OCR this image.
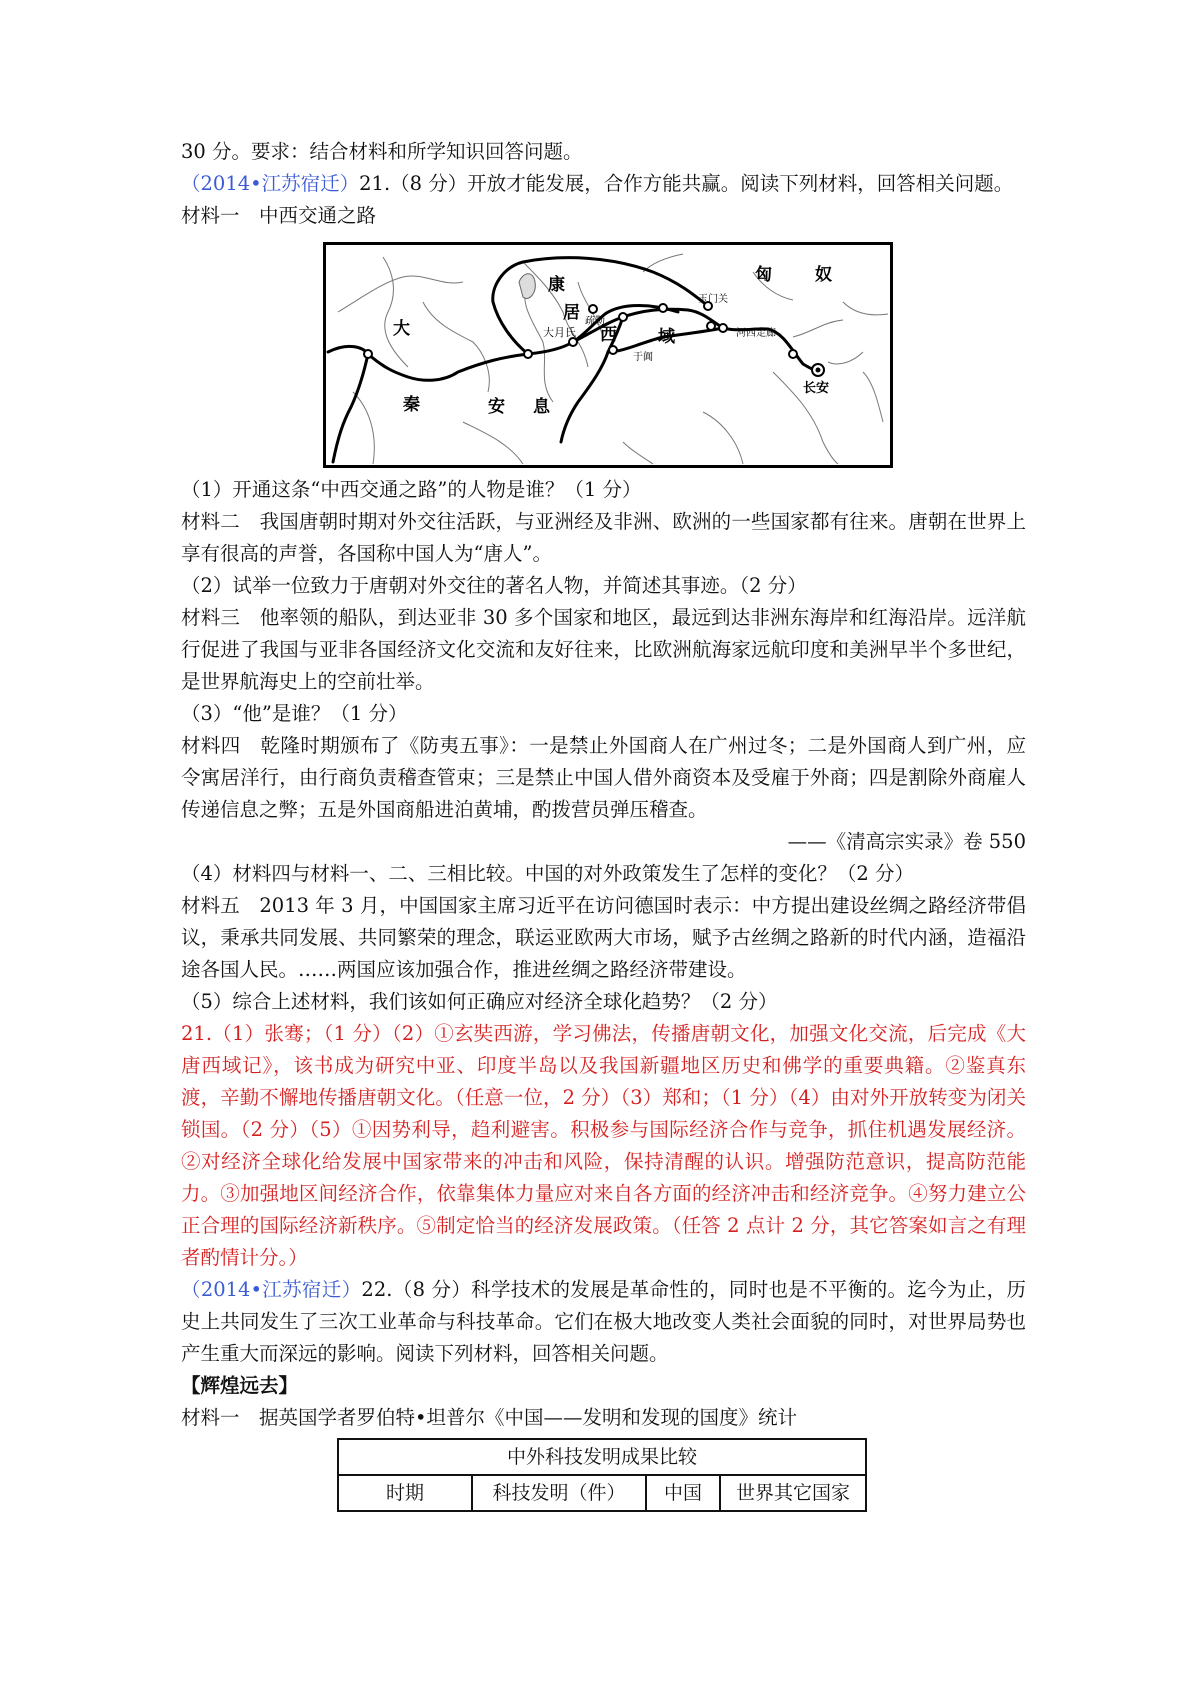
30 分。要求：结合材料和所学知识回答问题。

（2014•江苏宿迁）21.（8 分）开放才能发展，合作方能共赢。阅读下列材料，回答相关问题。

材料一　中西交通之路

康	匈	奴
居 疏勒
玉门关
大月氏 西 域	河西走廊
大
于阗
安 息
秦
长安

（1）开通这条“中西交通之路”的人物是谁？（1 分）

材料二　我国唐朝时期对外交往活跃，与亚洲经及非洲、欧洲的一些国家都有往来。唐朝在世界上享有很高的声誉，各国称中国人为“唐人”。

（2）试举一位致力于唐朝对外交往的著名人物，并简述其事迹。（2 分）

材料三　他率领的船队，到达亚非 30 多个国家和地区，最远到达非洲东海岸和红海沿岸。远洋航行促进了我国与亚非各国经济文化交流和友好往来，比欧洲航海家远航印度和美洲早半个多世纪，是世界航海史上的空前壮举。

（3）“他”是谁？（1 分）

材料四　乾隆时期颁布了《防夷五事》：一是禁止外国商人在广州过冬；二是外国商人到广州，应令寓居洋行，由行商负责稽查管束；三是禁止中国人借外商资本及受雇于外商；四是割除外商雇人传递信息之弊；五是外国商船进泊黄埔，酌拨营员弹压稽查。

——《清高宗实录》卷 550

（4）材料四与材料一、二、三相比较。中国的对外政策发生了怎样的变化？（2 分）

材料五　2013 年 3 月，中国国家主席习近平在访问德国时表示：中方提出建设丝绸之路经济带倡议，秉承共同发展、共同繁荣的理念，联运亚欧两大市场，赋予古丝绸之路新的时代内涵，造福沿途各国人民。……两国应该加强合作，推进丝绸之路经济带建设。

（5）综合上述材料，我们该如何正确应对经济全球化趋势？（2 分）

21.（1）张骞；（1 分）（2）①玄奘西游，学习佛法，传播唐朝文化，加强文化交流，后完成《大唐西域记》，该书成为研究中亚、印度半岛以及我国新疆地区历史和佛学的重要典籍。②鉴真东渡，辛勤不懈地传播唐朝文化。（任意一位，2 分）（3）郑和；（1 分）（4）由对外开放转变为闭关锁国。（2 分）（5）①因势利导，趋利避害。积极参与国际经济合作与竞争，抓住机遇发展经济。②对经济全球化给发展中国家带来的冲击和风险，保持清醒的认识。增强防范意识，提高防范能力。③加强地区间经济合作，依靠集体力量应对来自各方面的经济冲击和经济竞争。④努力建立公正合理的国际经济新秩序。⑤制定恰当的经济发展政策。（任答 2 点计 2 分，其它答案如言之有理者酌情计分。）

（2014•江苏宿迁）22.（8 分）科学技术的发展是革命性的，同时也是不平衡的。迄今为止，历史上共同发生了三次工业革命与科技革命。它们在极大地改变人类社会面貌的同时，对世界局势也产生重大而深远的影响。阅读下列材料，回答相关问题。

【辉煌远去】

材料一　据英国学者罗伯特•坦普尔《中国——发明和发现的国度》统计

中外科技发明成果比较
时期	科技发明（件）	中国	世界其它国家
